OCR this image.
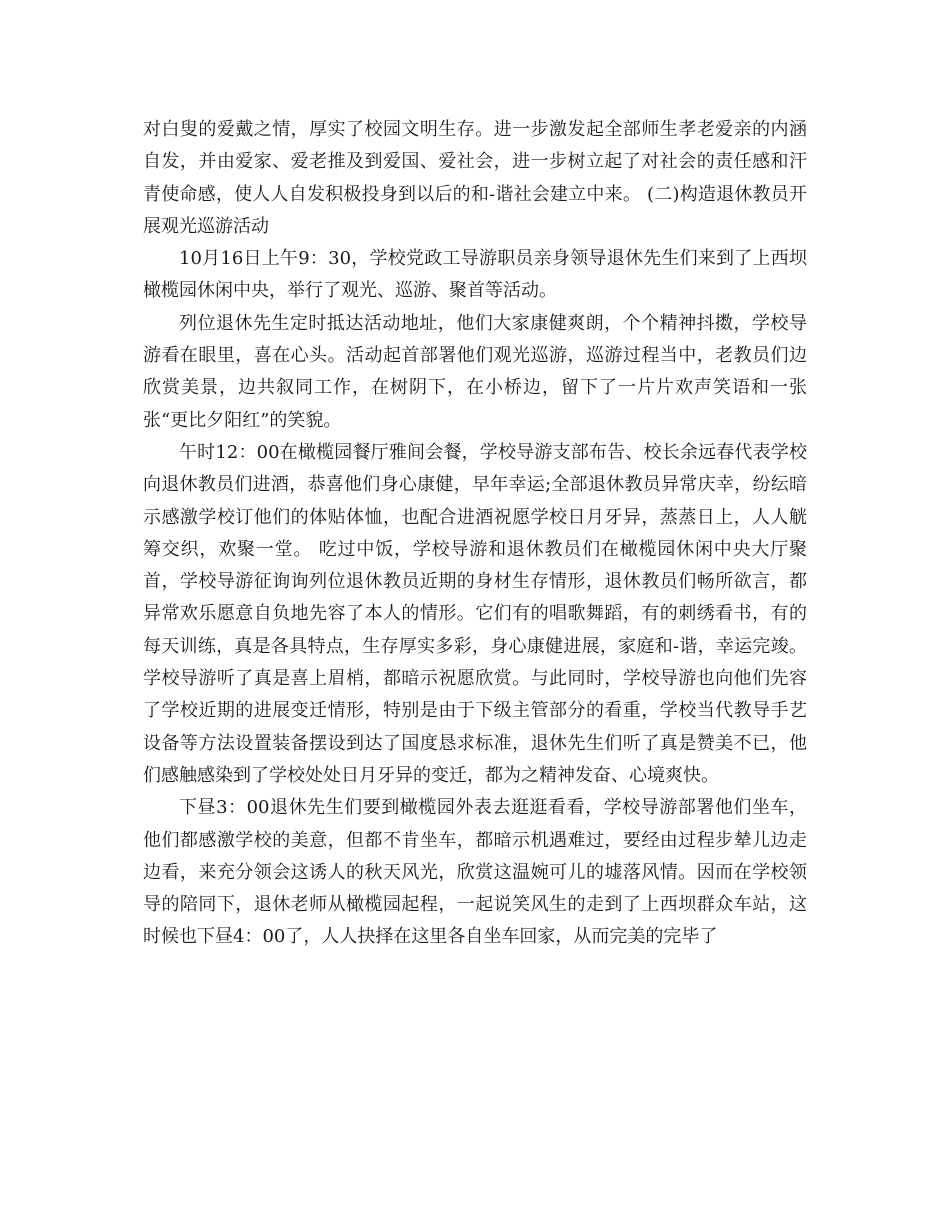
对白叟的爱戴之情，厚实了校园文明生存。进一步激发起全部师生孝老爱亲的内涵自发，并由爱家、爱老推及到爱国、爱社会，进一步树立起了对社会的责任感和汗青使命感，使人人自发积极投身到以后的和-谐社会建立中来。 (二)构造退休教员开展观光巡游活动

10月16日上午9：30，学校党政工导游职员亲身领导退休先生们来到了上西坝橄榄园休闲中央，举行了观光、巡游、聚首等活动。

列位退休先生定时抵达活动地址，他们大家康健爽朗，个个精神抖擞，学校导游看在眼里，喜在心头。活动起首部署他们观光巡游，巡游过程当中，老教员们边欣赏美景，边共叙同工作，在树阴下，在小桥边，留下了一片片欢声笑语和一张张“更比夕阳红”的笑貌。

午时12：00在橄榄园餐厅雅间会餐，学校导游支部布告、校长余远春代表学校向退休教员们进酒，恭喜他们身心康健，早年幸运;全部退休教员异常庆幸，纷纭暗示感激学校订他们的体贴体恤，也配合进酒祝愿学校日月牙异，蒸蒸日上，人人觥筹交织，欢聚一堂。 吃过中饭，学校导游和退休教员们在橄榄园休闲中央大厅聚首，学校导游征询询列位退休教员近期的身材生存情形，退休教员们畅所欲言，都异常欢乐愿意自负地先容了本人的情形。它们有的唱歌舞蹈，有的刺绣看书，有的每天训练，真是各具特点，生存厚实多彩，身心康健进展，家庭和-谐，幸运完竣。学校导游听了真是喜上眉梢，都暗示祝愿欣赏。与此同时，学校导游也向他们先容了学校近期的进展变迁情形，特别是由于下级主管部分的看重，学校当代教导手艺设备等方法设置装备摆设到达了国度恳求标准，退休先生们听了真是赞美不已，他们感触感染到了学校处处日月牙异的变迁，都为之精神发奋、心境爽快。

下昼3：00退休先生们要到橄榄园外表去逛逛看看，学校导游部署他们坐车，他们都感激学校的美意，但都不肯坐车，都暗示机遇难过，要经由过程步辇儿边走边看，来充分领会这诱人的秋天风光，欣赏这温婉可儿的墟落风情。因而在学校领导的陪同下，退休老师从橄榄园起程，一起说笑风生的走到了上西坝群众车站，这时候也下昼4：00了，人人抉择在这里各自坐车回家，从而完美的完毕了
